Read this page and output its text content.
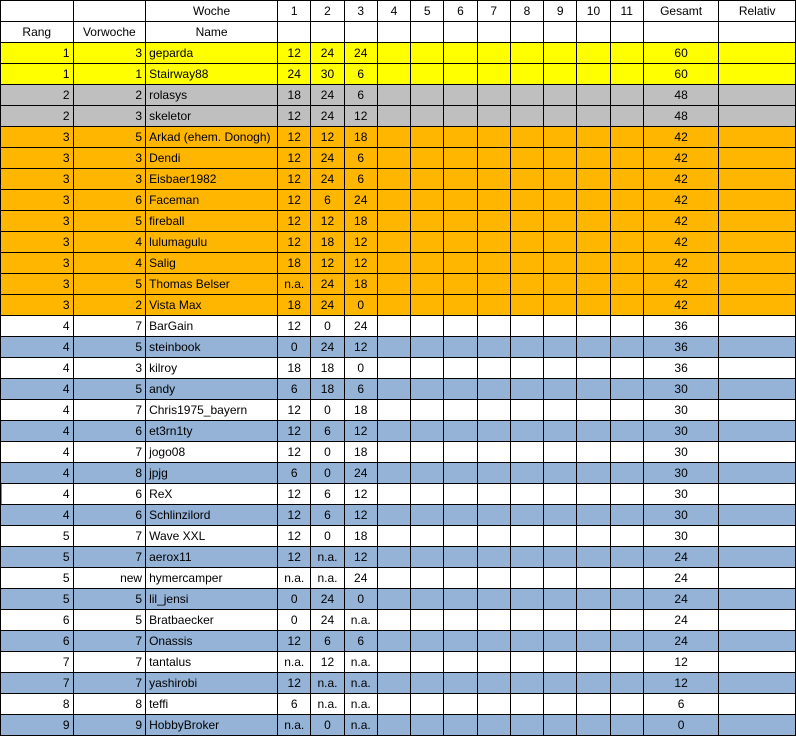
		Woche	1	2	3	4	5	6	7	8	9	10	11	Gesamt	Relativ
Rang	Vorwoche	Name													
1	3	geparda	12	24	24									60	
1	1	Stairway88	24	30	6									60	
2	2	rolasys	18	24	6									48	
2	3	skeletor	12	24	12									48	
3	5	Arkad (ehem. Donogh)	12	12	18									42	
3	3	Dendi	12	24	6									42	
3	3	Eisbaer1982	12	24	6									42	
3	6	Faceman	12	6	24									42	
3	5	fireball	12	12	18									42	
3	4	lulumagulu	12	18	12									42	
3	4	Salig	18	12	12									42	
3	5	Thomas Belser	n.a.	24	18									42	
3	2	Vista Max	18	24	0									42	
4	7	BarGain	12	0	24									36	
4	5	steinbook	0	24	12									36	
4	3	kilroy	18	18	0									36	
4	5	andy	6	18	6									30	
4	7	Chris1975_bayern	12	0	18									30	
4	6	et3rn1ty	12	6	12									30	
4	7	jogo08	12	0	18									30	
4	8	jpjg	6	0	24									30	
4	6	ReX	12	6	12									30	
4	6	Schlinzilord	12	6	12									30	
5	7	Wave XXL	12	0	18									30	
5	7	aerox11	12	n.a.	12									24	
5	new	hymercamper	n.a.	n.a.	24									24	
5	5	lil_jensi	0	24	0									24	
6	5	Bratbaecker	0	24	n.a.									24	
6	7	Onassis	12	6	6									24	
7	7	tantalus	n.a.	12	n.a.									12	
7	7	yashirobi	12	n.a.	n.a.									12	
8	8	teffi	6	n.a.	n.a.									6	
9	9	HobbyBroker	n.a.	0	n.a.									0	
